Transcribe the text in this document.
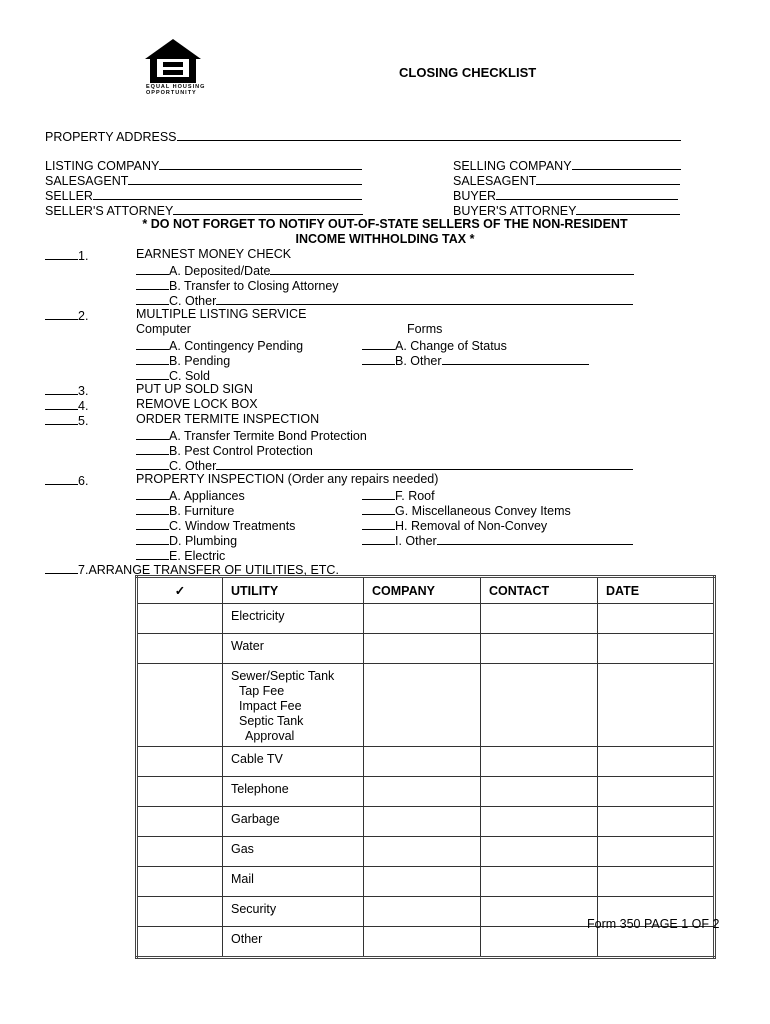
EQUAL HOUSING
OPPORTUNITY
CLOSING CHECKLIST
PROPERTY ADDRESS
LISTING COMPANY
SALESAGENT
SELLER
SELLER'S ATTORNEY
SELLING COMPANY
SALESAGENT
BUYER
BUYER'S ATTORNEY
* DO NOT FORGET TO NOTIFY OUT-OF-STATE SELLERS OF THE NON-RESIDENT
INCOME WITHHOLDING TAX *
1.	EARNEST MONEY CHECK
A. Deposited/Date
B. Transfer to Closing Attorney
C. Other
2.	MULTIPLE LISTING SERVICE
Computer	Forms
A. Contingency Pending
B. Pending
C. Sold
A. Change of Status
B. Other
3.	PUT UP SOLD SIGN
4.	REMOVE LOCK BOX
5.	ORDER TERMITE INSPECTION
A. Transfer Termite Bond Protection
B. Pest Control Protection
C. Other
6.	PROPERTY INSPECTION (Order any repairs needed)
A. Appliances
B. Furniture
C. Window Treatments
D. Plumbing
E. Electric
F. Roof
G. Miscellaneous Convey Items
H. Removal of Non-Convey
I. Other
7.ARRANGE TRANSFER OF UTILITIES, ETC.
✓	UTILITY	COMPANY	CONTACT	DATE

	Electricity			

	Water			

	Sewer/Septic Tank
Tap Fee
Impact Fee
Septic Tank
Approval			

	Cable TV			

	Telephone			

	Garbage			

	Gas			

	Mail			

	Security			

	Other			

Form 350 PAGE 1 OF 2
